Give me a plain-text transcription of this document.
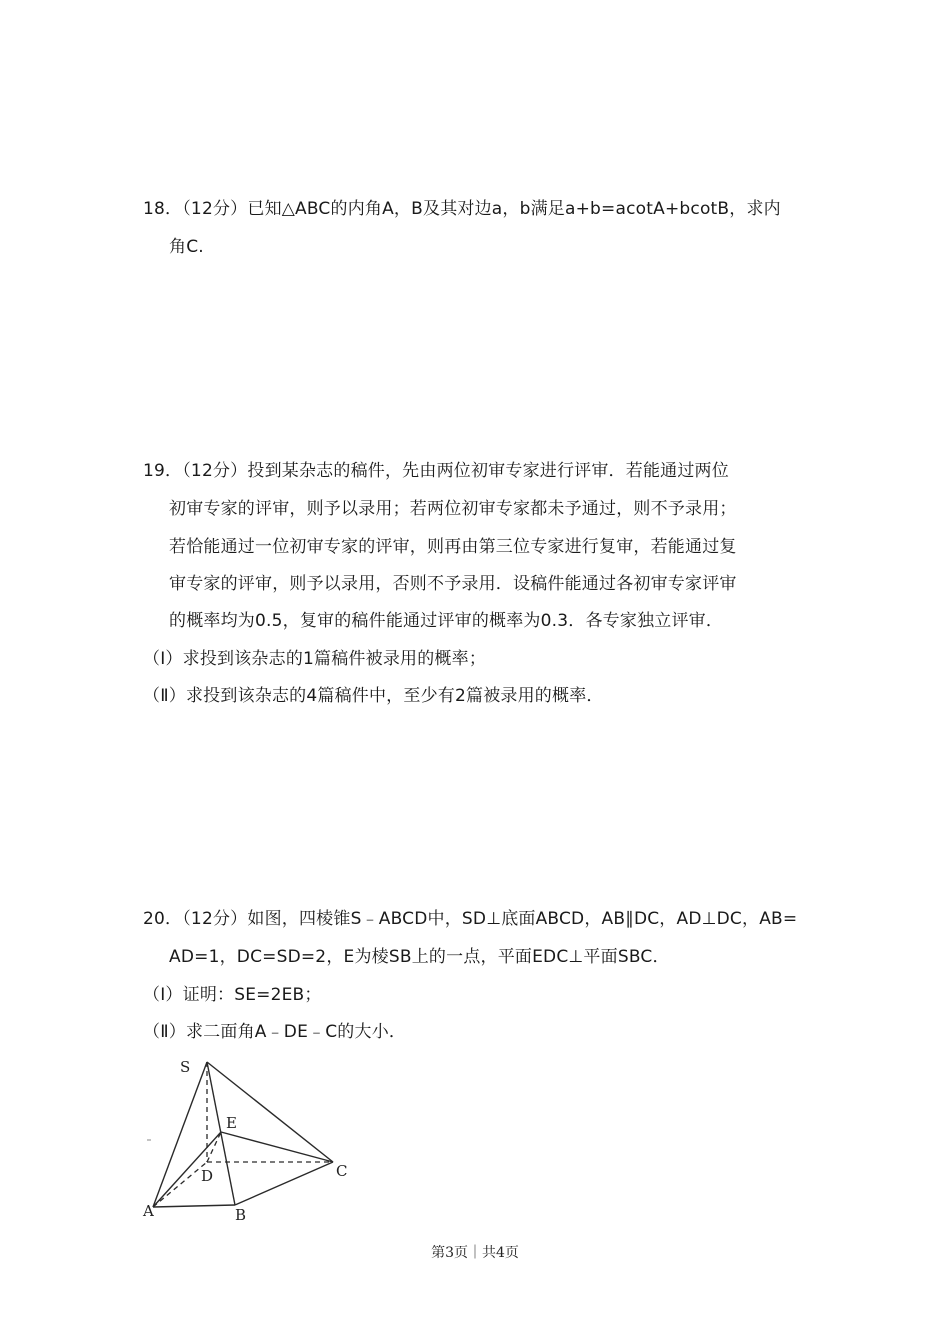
18．（12分）已知△ABC的内角A，B及其对边a，b满足a+b=acotA+bcotB，求内
角C.
19．（12分）投到某杂志的稿件，先由两位初审专家进行评审．若能通过两位
初审专家的评审，则予以录用；若两位初审专家都未予通过，则不予录用；
若恰能通过一位初审专家的评审，则再由第三位专家进行复审，若能通过复
审专家的评审，则予以录用，否则不予录用．设稿件能通过各初审专家评审
的概率均为0.5，复审的稿件能通过评审的概率为0.3．各专家独立评审．
（Ⅰ）求投到该杂志的1篇稿件被录用的概率；
（Ⅱ）求投到该杂志的4篇稿件中，至少有2篇被录用的概率．
20．（12分）如图，四棱锥S﹣ABCD中，SD⊥底面ABCD，AB∥DC，AD⊥DC，AB=
AD=1，DC=SD=2，E为棱SB上的一点，平面EDC⊥平面SBC．
（Ⅰ）证明：SE=2EB；
（Ⅱ）求二面角A﹣DE﹣C的大小．
S
E
D	C
A	B
第3页｜共4页
